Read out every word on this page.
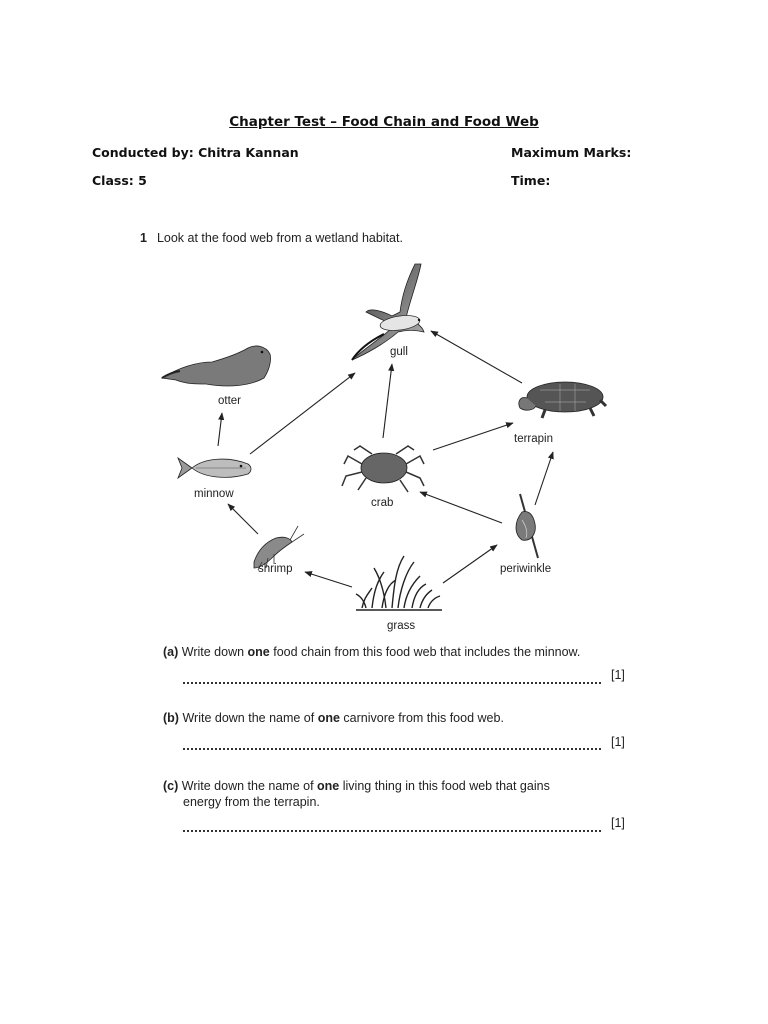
Chapter Test – Food Chain and Food Web
Conducted by: Chitra Kannan	Maximum Marks:
Class: 5	Time:
1 Look at the food web from a wetland habitat.
gull
otter
terrapin
minnow
crab
shrimp	periwinkle
grass
(a) Write down one food chain from this food web that includes the minnow.
[1]
(b) Write down the name of one carnivore from this food web.
[1]
(c) Write down the name of one living thing in this food web that gains
energy from the terrapin.
[1]
